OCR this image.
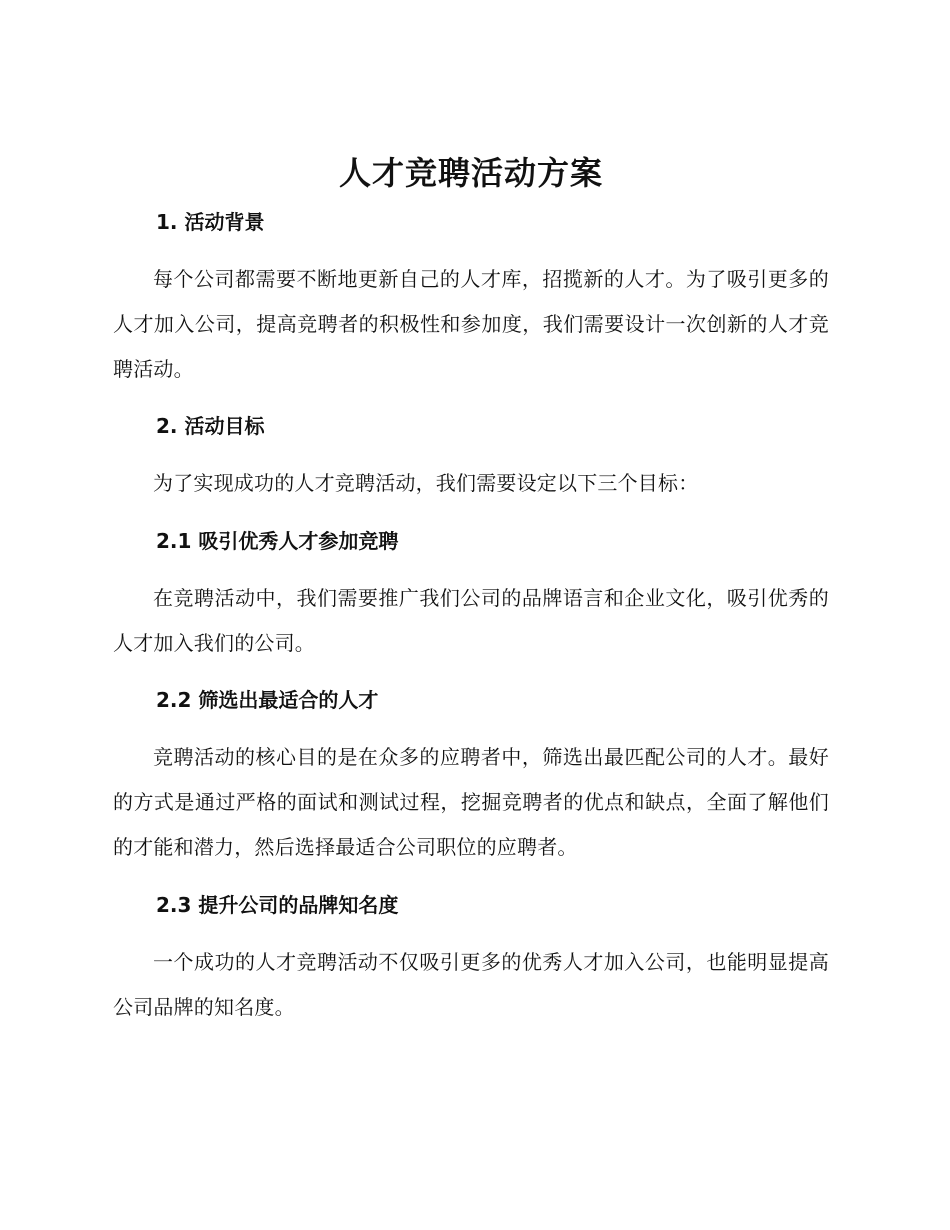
人才竞聘活动方案
1. 活动背景

每个公司都需要不断地更新自己的人才库，招揽新的人才。为了吸引更多的人才加入公司，提高竞聘者的积极性和参加度，我们需要设计一次创新的人才竞聘活动。

2. 活动目标

为了实现成功的人才竞聘活动，我们需要设定以下三个目标：

2.1 吸引优秀人才参加竞聘

在竞聘活动中，我们需要推广我们公司的品牌语言和企业文化，吸引优秀的人才加入我们的公司。

2.2 筛选出最适合的人才

竞聘活动的核心目的是在众多的应聘者中，筛选出最匹配公司的人才。最好的方式是通过严格的面试和测试过程，挖掘竞聘者的优点和缺点，全面了解他们的才能和潜力，然后选择最适合公司职位的应聘者。

2.3 提升公司的品牌知名度

一个成功的人才竞聘活动不仅吸引更多的优秀人才加入公司，也能明显提高公司品牌的知名度。
